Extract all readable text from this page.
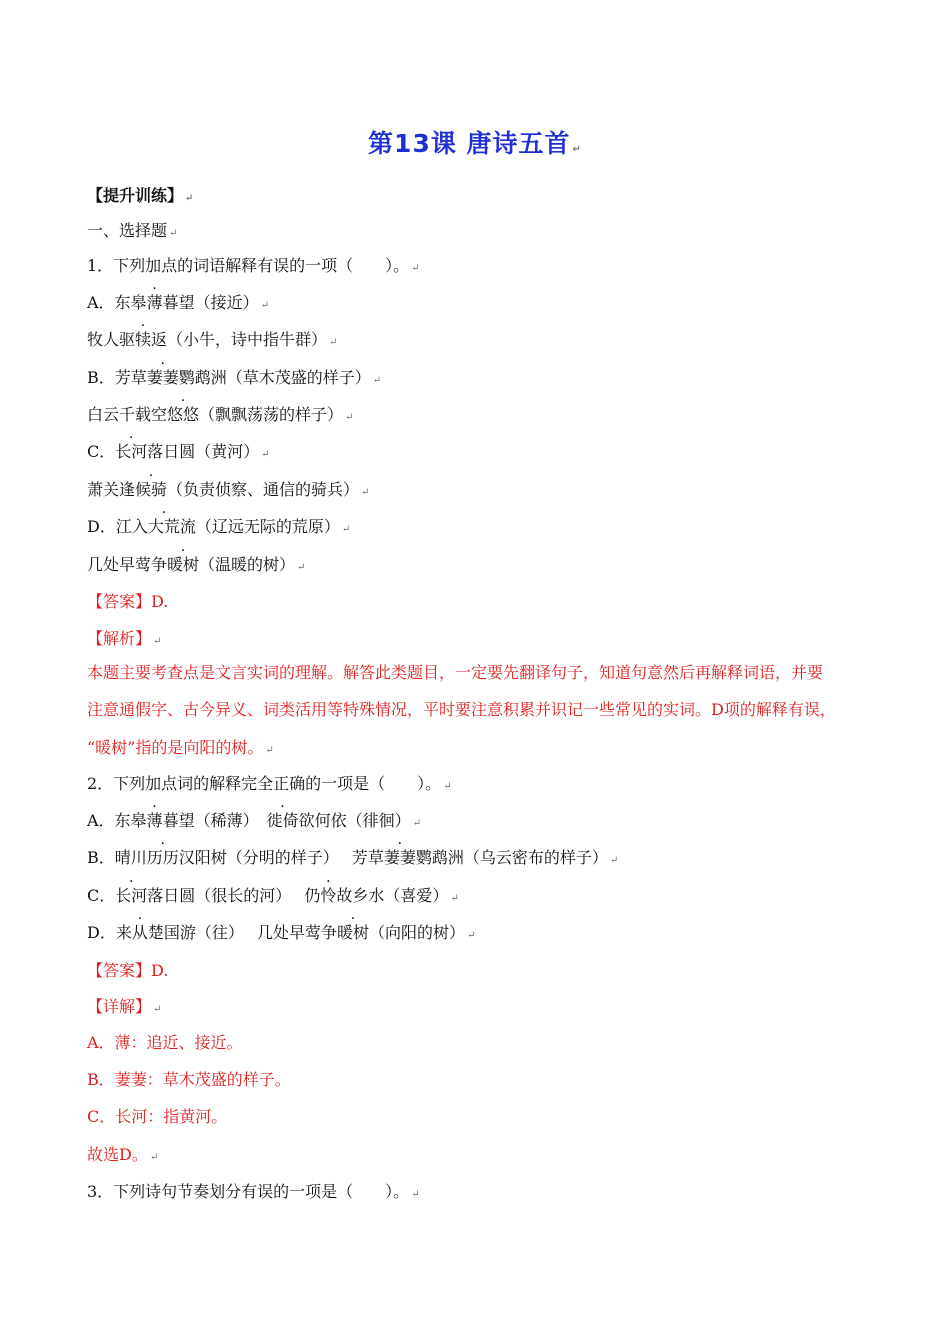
第13课 唐诗五首 ↵
【提升训练】 ↵
一、选择题 ↵
1．下列加点的词语解释有误的一项（　　）。 ↵
A．东皋薄暮望（接近） ↵
牧人驱犊返（小牛，诗中指牛群） ↵
B．芳草萋萋鹦鹉洲（草木茂盛的样子） ↵
白云千载空悠悠（飘飘荡荡的样子） ↵
C．长河落日圆（黄河） ↵
萧关逢候骑（负责侦察、通信的骑兵） ↵
D．江入大荒流（辽远无际的荒原） ↵
几处早莺争暖树（温暖的树） ↵
【答案】D.
【解析】 ↵
本题主要考查点是文言实词的理解。解答此类题目，一定要先翻译句子，知道句意然后再解释词语，并要
注意通假字、古今异义、词类活用等特殊情况，平时要注意积累并识记一些常见的实词。D项的解释有误，
“暖树”指的是向阳的树。 ↵
2．下列加点词的解释完全正确的一项是（　　）。 ↵
A．东皋薄暮望（稀薄）　徙倚欲何依（徘徊） ↵
B．晴川历历汉阳树（分明的样子）　 芳草萋萋鹦鹉洲（乌云密布的样子） ↵
C．长河落日圆（很长的河）　 仍怜故乡水（喜爱） ↵
D．来从楚国游（往）　 几处早莺争暖树（向阳的树） ↵
【答案】D.
【详解】 ↵
A．薄：追近、接近。
B．萋萋：草木茂盛的样子。
C．长河：指黄河。
故选D。 ↵
3．下列诗句节奏划分有误的一项是（　　）。 ↵
